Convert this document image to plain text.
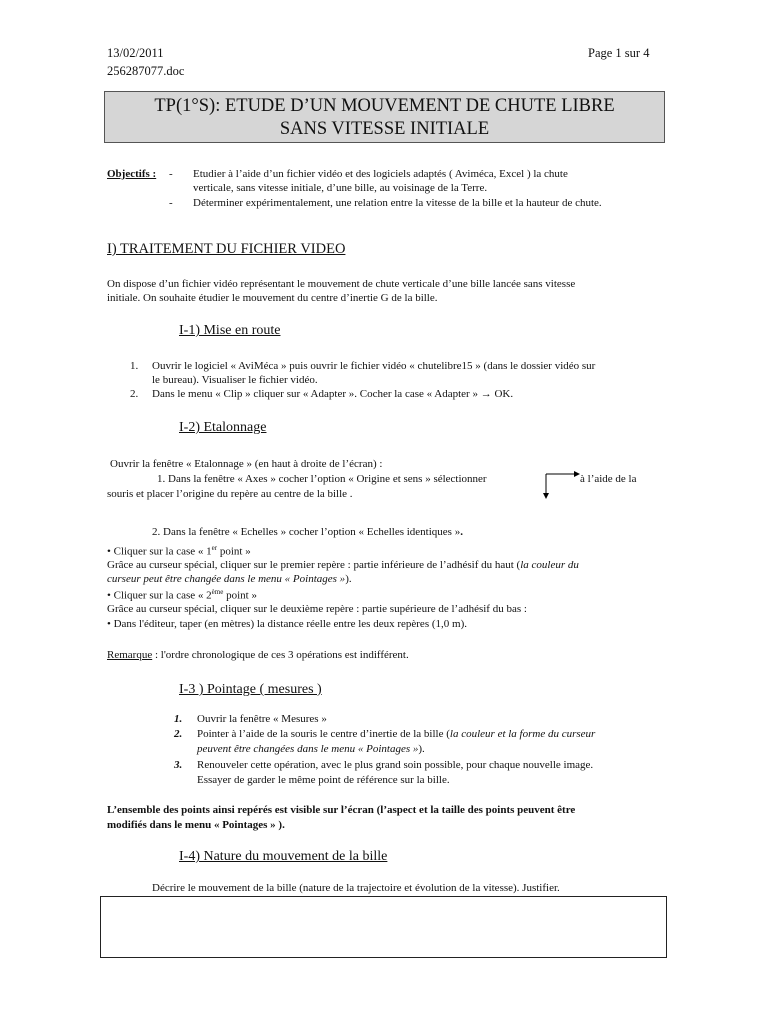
13/02/2011
256287077.doc
Page 1 sur 4
TP(1°S): ETUDE D’UN MOUVEMENT DE CHUTE LIBRE
SANS VITESSE INITIALE
Objectifs : - Etudier à l’aide d’un fichier vidéo et des logiciels adaptés ( Aviméca, Excel ) la chute
verticale, sans vitesse initiale, d’une bille, au voisinage de la Terre.
- Déterminer expérimentalement, une relation entre la vitesse de la bille et la hauteur de chute.
I) TRAITEMENT DU FICHIER VIDEO
On dispose d’un fichier vidéo représentant le mouvement de chute verticale d’une bille lancée sans vitesse
initiale. On souhaite étudier le mouvement du centre d’inertie G de la bille.
I-1) Mise en route
1. Ouvrir le logiciel « AviMéca » puis ouvrir le fichier vidéo « chutelibre15 » (dans le dossier vidéo sur
le bureau). Visualiser le fichier vidéo.
2. Dans le menu « Clip » cliquer sur « Adapter ». Cocher la case « Adapter » → OK.
I-2) Etalonnage
Ouvrir la fenêtre « Etalonnage » (en haut à droite de l’écran) :
1. Dans la fenêtre « Axes » cocher l’option « Origine et sens » sélectionner	à l’aide de la
souris et placer l’origine du repère au centre de la bille .
2. Dans la fenêtre « Echelles » cocher l’option « Echelles identiques ».
• Cliquer sur la case « 1er point »
Grâce au curseur spécial, cliquer sur le premier repère : partie inférieure de l’adhésif du haut (la couleur du
curseur peut être changée dans le menu « Pointages »).
• Cliquer sur la case « 2ème point »
Grâce au curseur spécial, cliquer sur le deuxième repère : partie supérieure de l’adhésif du bas :
• Dans l'éditeur, taper (en mètres) la distance réelle entre les deux repères (1,0 m).
Remarque : l'ordre chronologique de ces 3 opérations est indifférent.
I-3 ) Pointage ( mesures )
1. Ouvrir la fenêtre « Mesures »
2. Pointer à l’aide de la souris le centre d’inertie de la bille (la couleur et la forme du curseur
peuvent être changées dans le menu « Pointages »).
3. Renouveler cette opération, avec le plus grand soin possible, pour chaque nouvelle image.
Essayer de garder le même point de référence sur la bille.
L’ensemble des points ainsi repérés est visible sur l’écran (l’aspect et la taille des points peuvent être
modifiés dans le menu « Pointages » ).
I-4) Nature du mouvement de la bille
Décrire le mouvement de la bille (nature de la trajectoire et évolution de la vitesse). Justifier.
